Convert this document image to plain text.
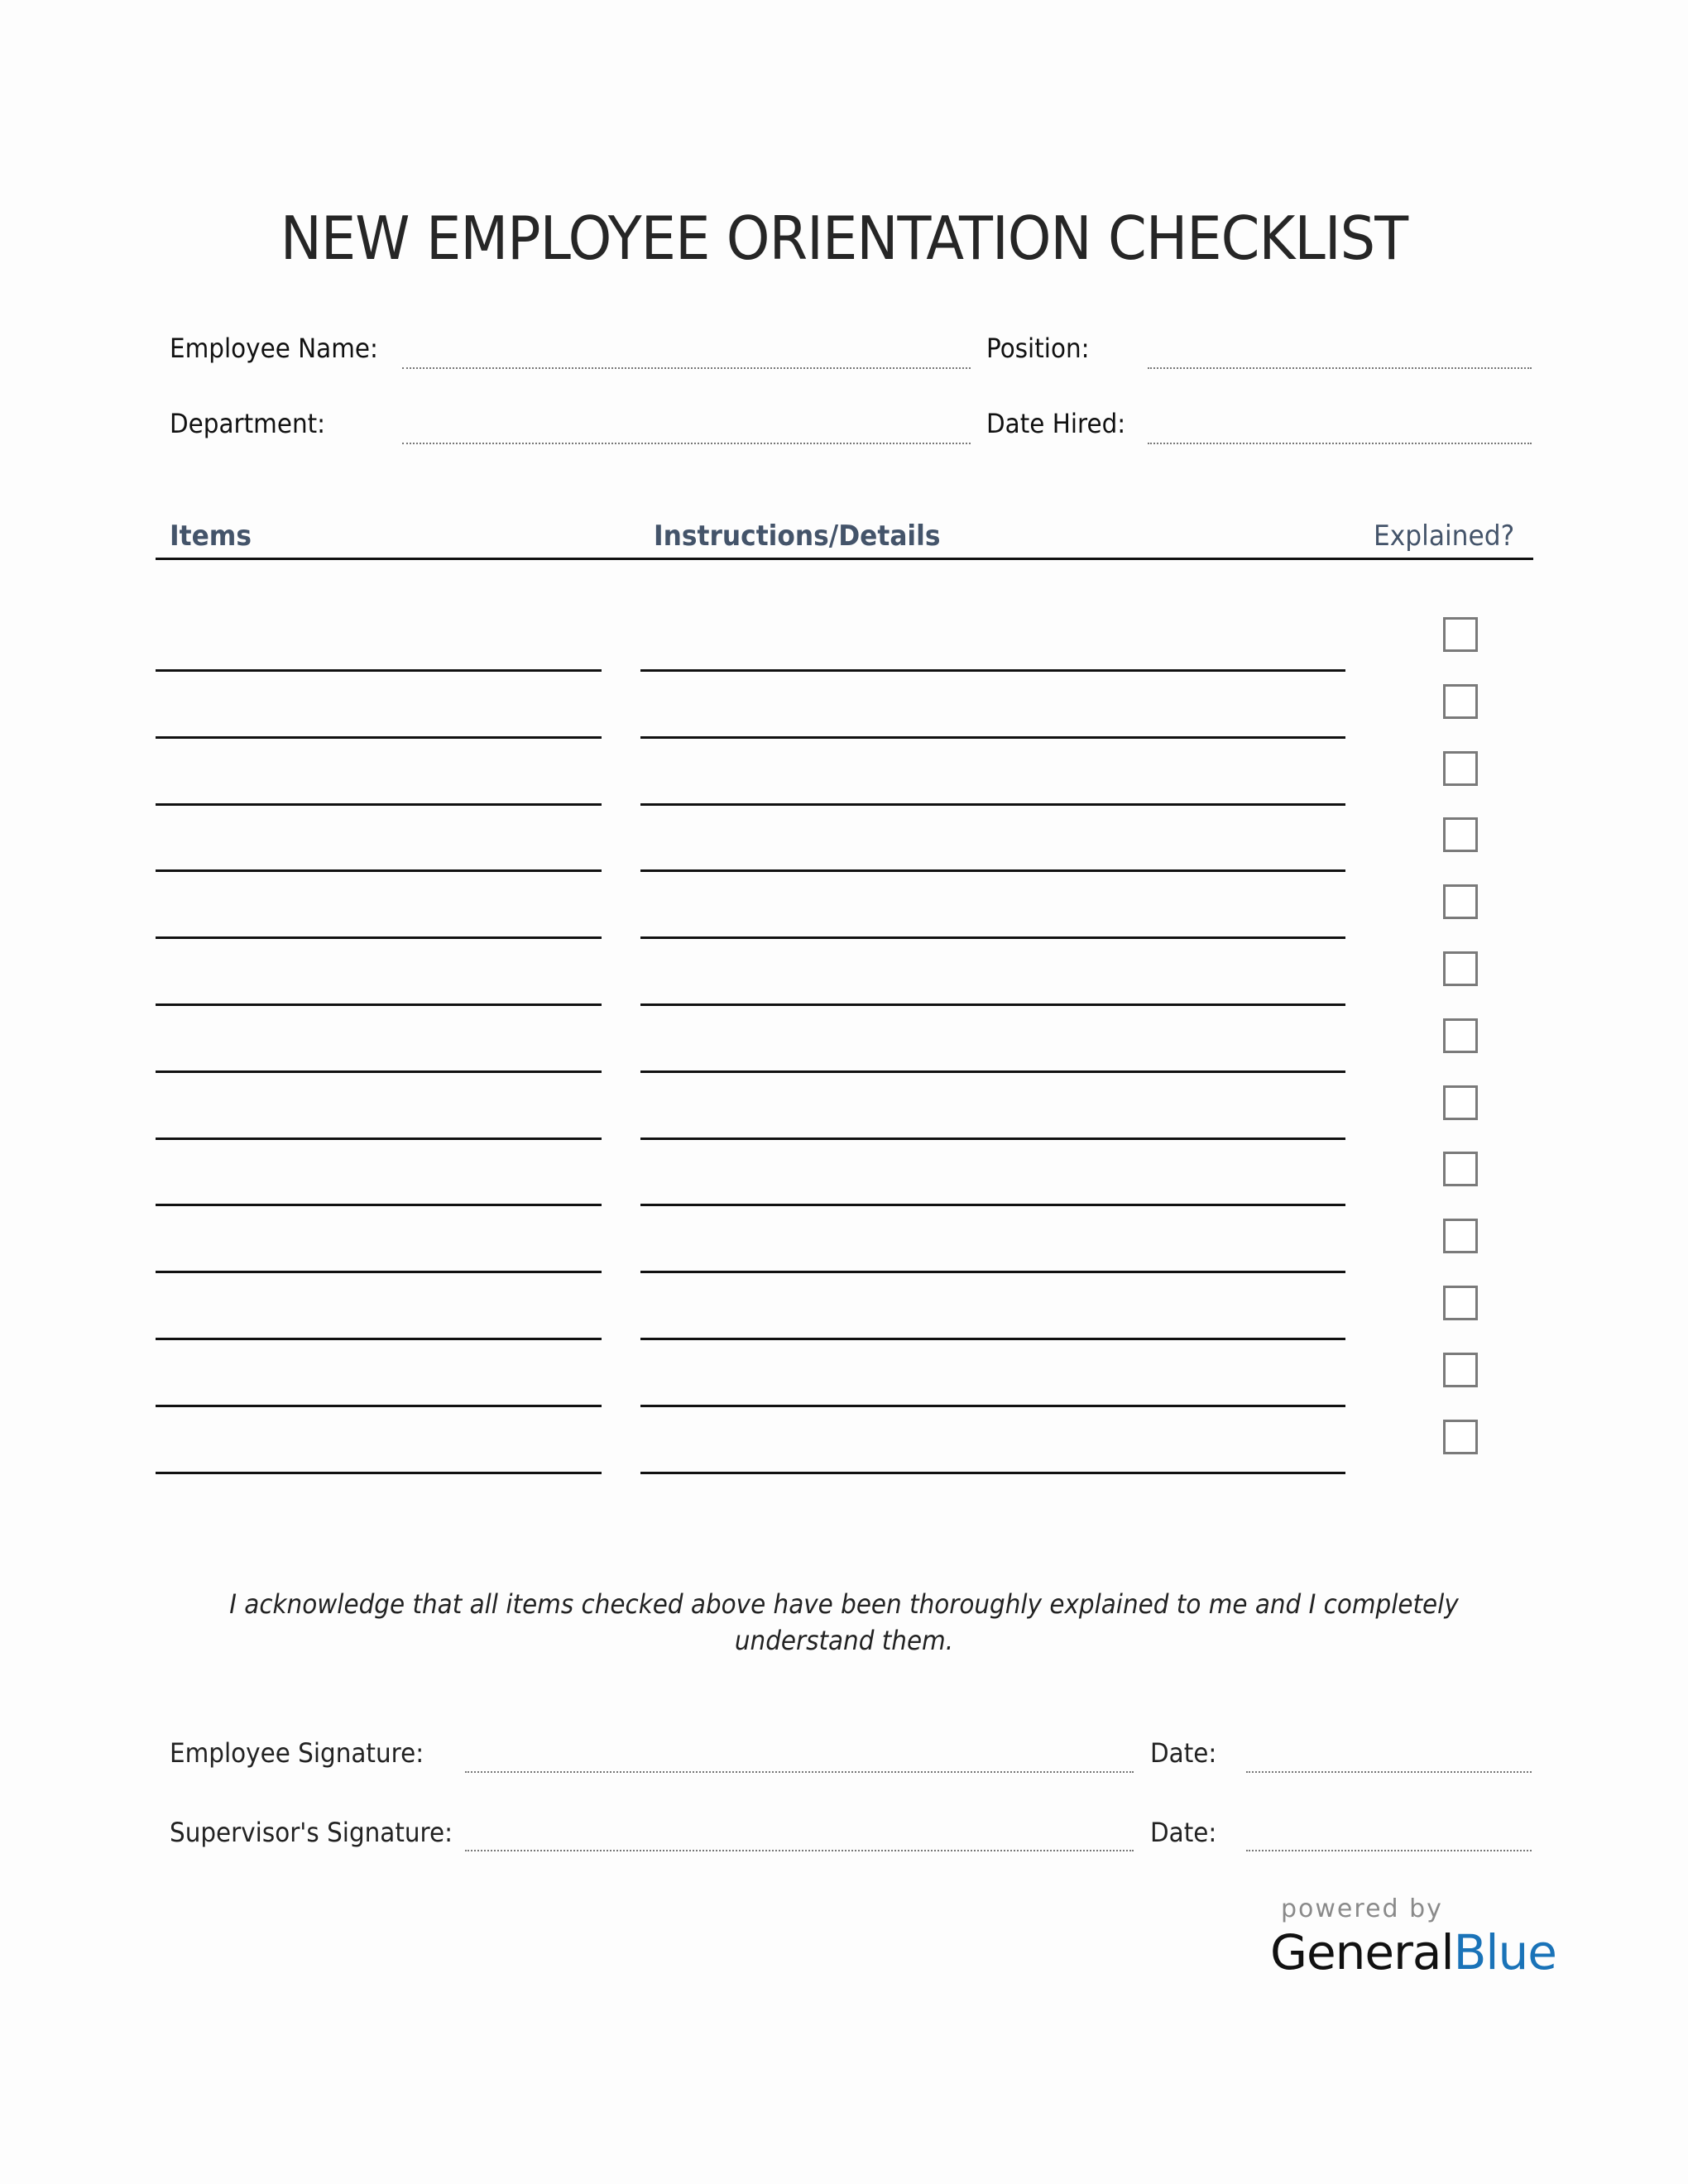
NEW EMPLOYEE ORIENTATION CHECKLIST
Employee Name:	Position:
Department:	Date Hired:
Items	Instructions/Details	Explained?
I acknowledge that all items checked above have been thoroughly explained to me and I completely
understand them.
Employee Signature:	Date:
Supervisor's Signature:	Date:
powered by
GeneralBlue
